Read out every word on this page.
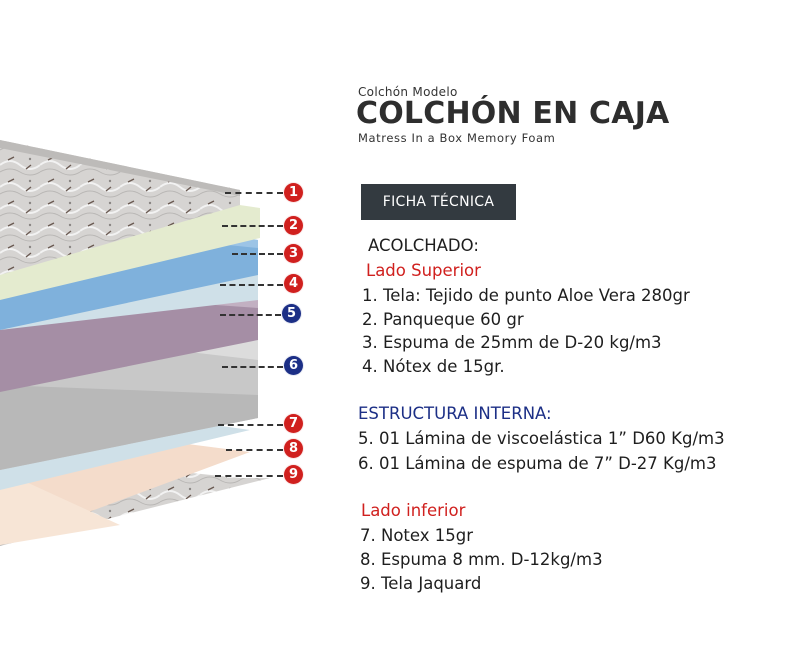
1
2
3
4
5
6
7
8
9
Colchón Modelo
COLCHÓN EN CAJA
Matress In a Box Memory Foam
FICHA TÉCNICA
ACOLCHADO:
Lado Superior
1. Tela: Tejido de punto Aloe Vera 280gr
2. Panqueque 60 gr
3. Espuma de 25mm de D-20 kg/m3
4. Nótex de 15gr.
ESTRUCTURA INTERNA:
5. 01 Lámina de viscoelástica 1” D60 Kg/m3
6. 01 Lámina de espuma de 7” D-27 Kg/m3
Lado inferior
7. Notex 15gr
8. Espuma 8 mm. D-12kg/m3
9. Tela Jaquard
